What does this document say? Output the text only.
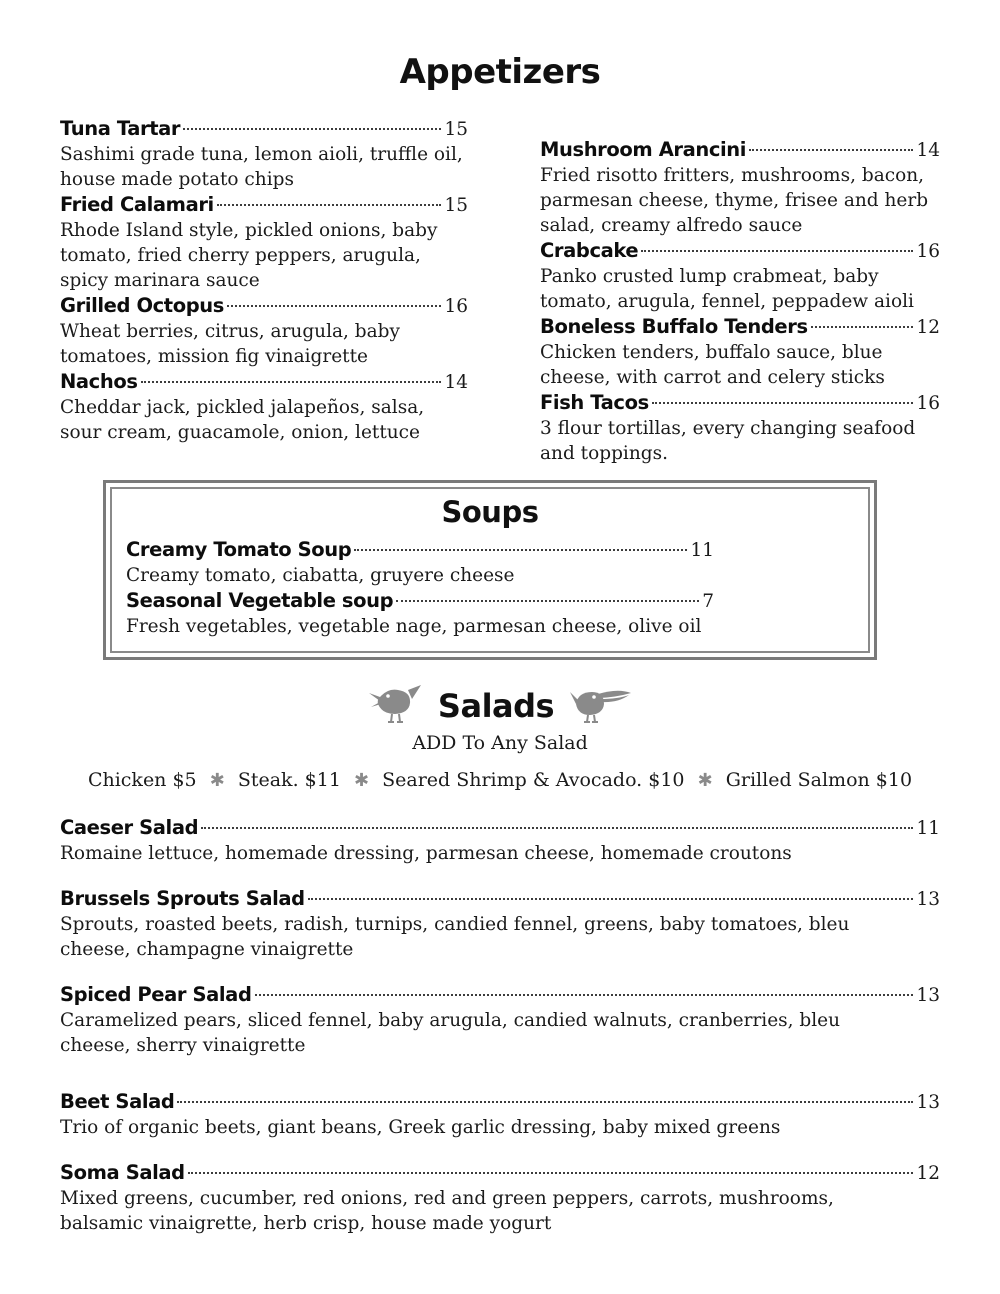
Appetizers
Tuna Tartar	15
Sashimi grade tuna, lemon aioli, truffle oil, house made potato chips
Fried Calamari	15
Rhode Island style, pickled onions, baby tomato, fried cherry peppers, arugula, spicy marinara sauce
Grilled Octopus	16
Wheat berries, citrus, arugula, baby tomatoes, mission fig vinaigrette
Nachos	14
Cheddar jack, pickled jalapeños, salsa, sour cream, guacamole, onion, lettuce
Mushroom Arancini	14
Fried risotto fritters, mushrooms, bacon, parmesan cheese, thyme, frisee and herb salad, creamy alfredo sauce
Crabcake	16
Panko crusted lump crabmeat, baby tomato, arugula, fennel, peppadew aioli
Boneless Buffalo Tenders	12
Chicken tenders, buffalo sauce, blue cheese, with carrot and celery sticks
Fish Tacos	16
3 flour tortillas, every changing seafood and toppings.
Soups
Creamy Tomato Soup	11
Creamy tomato, ciabatta, gruyere cheese
Seasonal Vegetable soup	7
Fresh vegetables, vegetable nage, parmesan cheese, olive oil
Salads
ADD To Any Salad
Chicken $5 ✱ Steak. $11 ✱ Seared Shrimp & Avocado. $10 ✱ Grilled Salmon $10
Caeser Salad	11
Romaine lettuce, homemade dressing, parmesan cheese, homemade croutons
Brussels Sprouts Salad	13
Sprouts, roasted beets, radish, turnips, candied fennel, greens, baby tomatoes, bleu cheese, champagne vinaigrette
Spiced Pear Salad	13
Caramelized pears, sliced fennel, baby arugula, candied walnuts, cranberries, bleu cheese, sherry vinaigrette
Beet Salad	13
Trio of organic beets, giant beans, Greek garlic dressing, baby mixed greens
Soma Salad	12
Mixed greens, cucumber, red onions, red and green peppers, carrots, mushrooms, balsamic vinaigrette, herb crisp, house made yogurt
